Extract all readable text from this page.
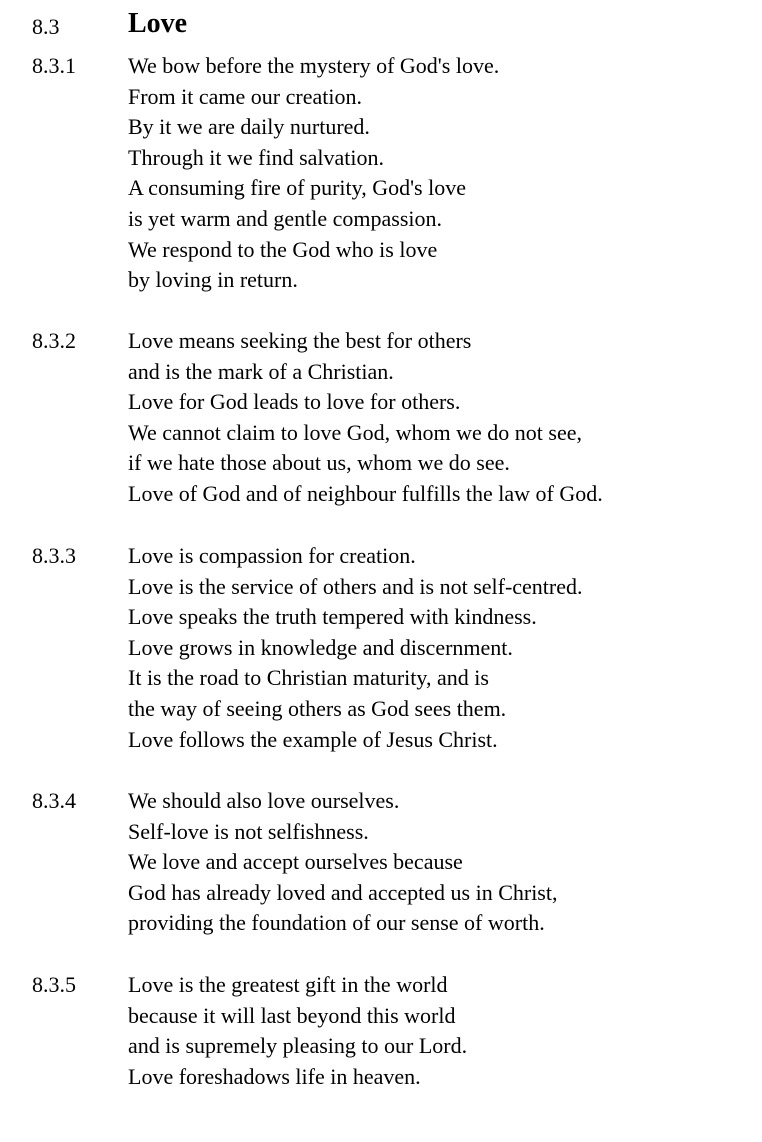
8.3 Love
8.3.1 We bow before the mystery of God's love.
From it came our creation.
By it we are daily nurtured.
Through it we find salvation.
A consuming fire of purity, God's love
is yet warm and gentle compassion.
We respond to the God who is love
by loving in return.
8.3.2 Love means seeking the best for others
and is the mark of a Christian.
Love for God leads to love for others.
We cannot claim to love God, whom we do not see,
if we hate those about us, whom we do see.
Love of God and of neighbour fulfills the law of God.
8.3.3 Love is compassion for creation.
Love is the service of others and is not self-centred.
Love speaks the truth tempered with kindness.
Love grows in knowledge and discernment.
It is the road to Christian maturity, and is
the way of seeing others as God sees them.
Love follows the example of Jesus Christ.
8.3.4 We should also love ourselves.
Self-love is not selfishness.
We love and accept ourselves because
God has already loved and accepted us in Christ,
providing the foundation of our sense of worth.
8.3.5 Love is the greatest gift in the world
because it will last beyond this world
and is supremely pleasing to our Lord.
Love foreshadows life in heaven.
